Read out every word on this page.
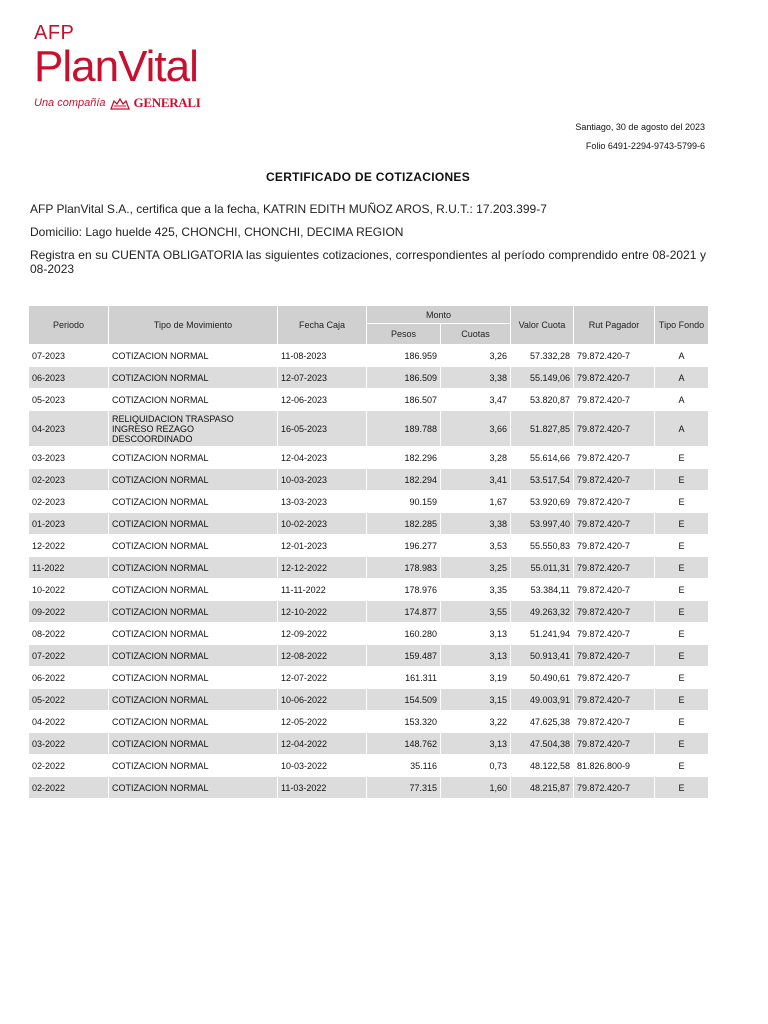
AFP
PlanVital
Una compañía GENERALI
Santiago, 30 de agosto del 2023
Folio 6491-2294-9743-5799-6
CERTIFICADO DE COTIZACIONES
AFP PlanVital S.A., certifica que a la fecha, KATRIN EDITH MUÑOZ AROS, R.U.T.: 17.203.399-7
Domicilio: Lago huelde 425, CHONCHI, CHONCHI, DECIMA REGION
Registra en su CUENTA OBLIGATORIA las siguientes cotizaciones, correspondientes al período comprendido entre 08-2021 y 08-2023
Periodo	Tipo de Movimiento	Fecha Caja	Monto		Valor Cuota	Rut Pagador	Tipo Fondo
			Pesos	Cuotas			
07-2023	COTIZACION NORMAL	11-08-2023	186.959	3,26	57.332,28	79.872.420-7	A
06-2023	COTIZACION NORMAL	12-07-2023	186.509	3,38	55.149,06	79.872.420-7	A
05-2023	COTIZACION NORMAL	12-06-2023	186.507	3,47	53.820,87	79.872.420-7	A
04-2023	RELIQUIDACION TRASPASO INGRESO REZAGO DESCOORDINADO	16-05-2023	189.788	3,66	51.827,85	79.872.420-7	A
03-2023	COTIZACION NORMAL	12-04-2023	182.296	3,28	55.614,66	79.872.420-7	E
02-2023	COTIZACION NORMAL	10-03-2023	182.294	3,41	53.517,54	79.872.420-7	E
02-2023	COTIZACION NORMAL	13-03-2023	90.159	1,67	53.920,69	79.872.420-7	E
01-2023	COTIZACION NORMAL	10-02-2023	182.285	3,38	53.997,40	79.872.420-7	E
12-2022	COTIZACION NORMAL	12-01-2023	196.277	3,53	55.550,83	79.872.420-7	E
11-2022	COTIZACION NORMAL	12-12-2022	178.983	3,25	55.011,31	79.872.420-7	E
10-2022	COTIZACION NORMAL	11-11-2022	178.976	3,35	53.384,11	79.872.420-7	E
09-2022	COTIZACION NORMAL	12-10-2022	174.877	3,55	49.263,32	79.872.420-7	E
08-2022	COTIZACION NORMAL	12-09-2022	160.280	3,13	51.241,94	79.872.420-7	E
07-2022	COTIZACION NORMAL	12-08-2022	159.487	3,13	50.913,41	79.872.420-7	E
06-2022	COTIZACION NORMAL	12-07-2022	161.311	3,19	50.490,61	79.872.420-7	E
05-2022	COTIZACION NORMAL	10-06-2022	154.509	3,15	49.003,91	79.872.420-7	E
04-2022	COTIZACION NORMAL	12-05-2022	153.320	3,22	47.625,38	79.872.420-7	E
03-2022	COTIZACION NORMAL	12-04-2022	148.762	3,13	47.504,38	79.872.420-7	E
02-2022	COTIZACION NORMAL	10-03-2022	35.116	0,73	48.122,58	81.826.800-9	E
02-2022	COTIZACION NORMAL	11-03-2022	77.315	1,60	48.215,87	79.872.420-7	E
